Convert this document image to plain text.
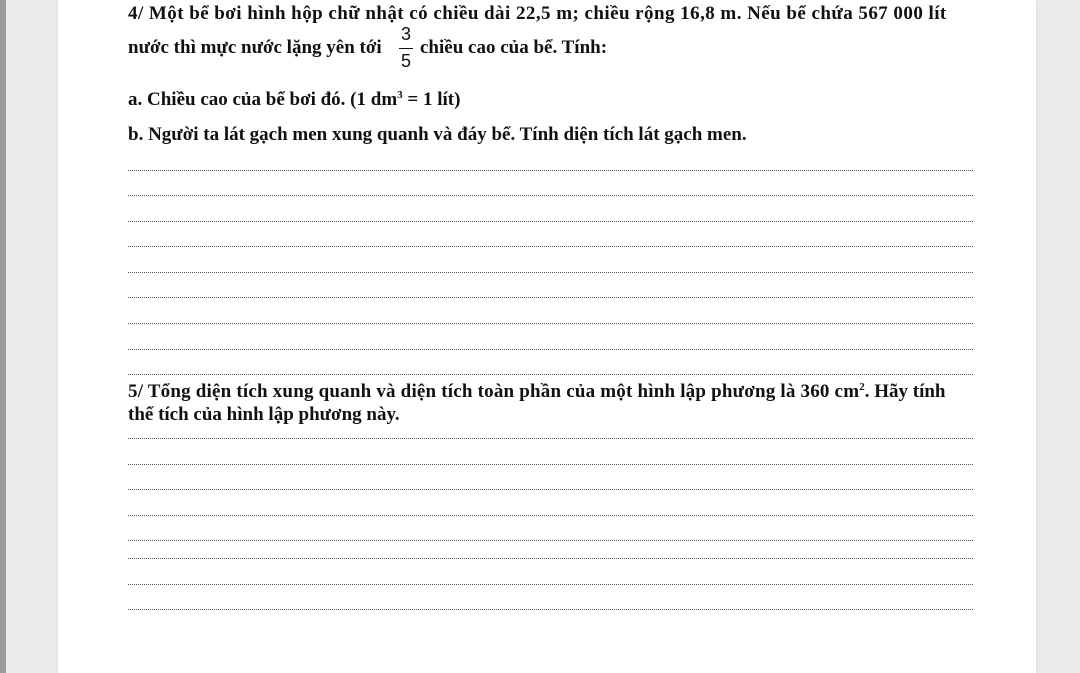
4/ Một bể bơi hình hộp chữ nhật có chiều dài 22,5 m; chiều rộng 16,8 m. Nếu bể chứa 567 000 lít
nước thì mực nước lặng yên tới
3
5
chiều cao của bể. Tính:
a. Chiều cao của bể bơi đó. (1 $dm^3 = 1$ lít)
b. Người ta lát gạch men xung quanh và đáy bể. Tính diện tích lát gạch men.
5/ Tổng diện tích xung quanh và diện tích toàn phần của một hình lập phương là 360 $cm^2$. Hãy tính
thể tích của hình lập phương này.
